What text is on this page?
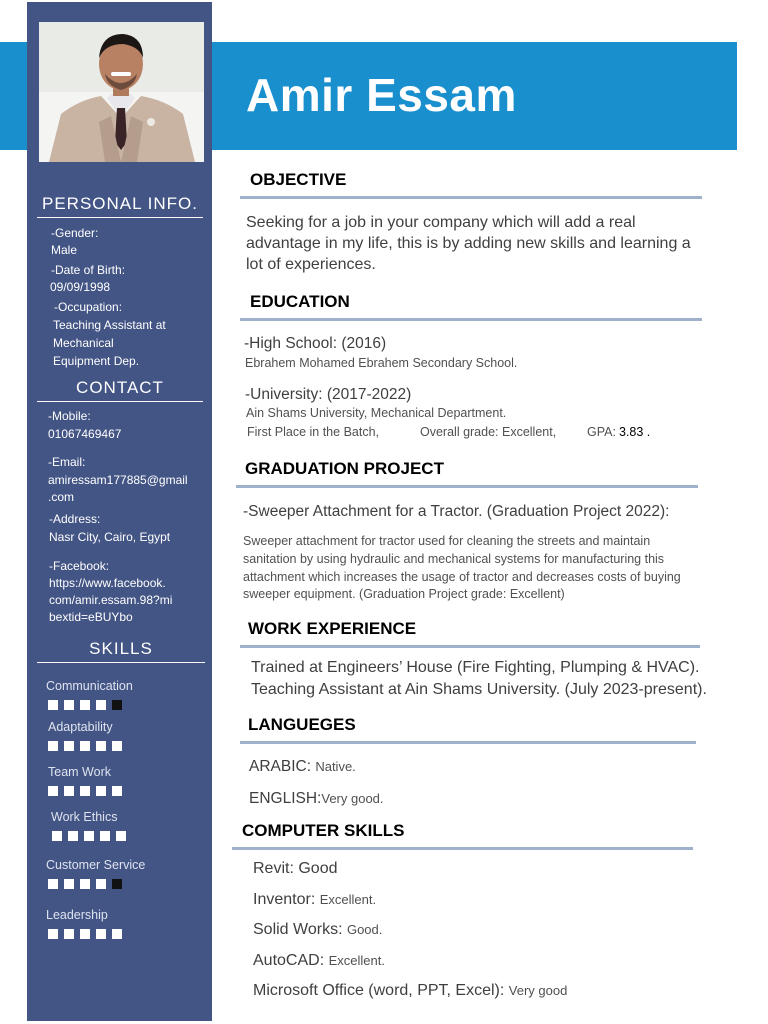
Amir Essam
PERSONAL INFO.
-Gender:
Male
-Date of Birth:
09/09/1998
-Occupation:
Teaching Assistant at
Mechanical
Equipment Dep.
CONTACT
-Mobile:
01067469467
-Email:
amiressam177885@gmail
.com
-Address:
Nasr City, Cairo, Egypt
-Facebook:
https://www.facebook.
com/amir.essam.98?mi
bextid=eBUYbo
SKILLS
Communication
Adaptability
Team Work
Work Ethics
Customer Service
Leadership
OBJECTIVE
Seeking for a job in your company which will add a real
advantage in my life, this is by adding new skills and learning a
lot of experiences.
EDUCATION
-High School: (2016)
Ebrahem Mohamed Ebrahem Secondary School.
-University: (2017-2022)
Ain Shams University, Mechanical Department.
First Place in the Batch,	Overall grade: Excellent, GPA: 3.83 .
GRADUATION PROJECT
-Sweeper Attachment for a Tractor. (Graduation Project 2022):
Sweeper attachment for tractor used for cleaning the streets and maintain
sanitation by using hydraulic and mechanical systems for manufacturing this
attachment which increases the usage of tractor and decreases costs of buying
sweeper equipment. (Graduation Project grade: Excellent)
WORK EXPERIENCE
Trained at Engineers’ House (Fire Fighting, Plumping & HVAC).
Teaching Assistant at Ain Shams University. (July 2023-present).
LANGUEGES
ARABIC: Native.
ENGLISH:Very good.
COMPUTER SKILLS
Revit: Good
Inventor: Excellent.
Solid Works: Good.
AutoCAD: Excellent.
Microsoft Office (word, PPT, Excel): Very good
